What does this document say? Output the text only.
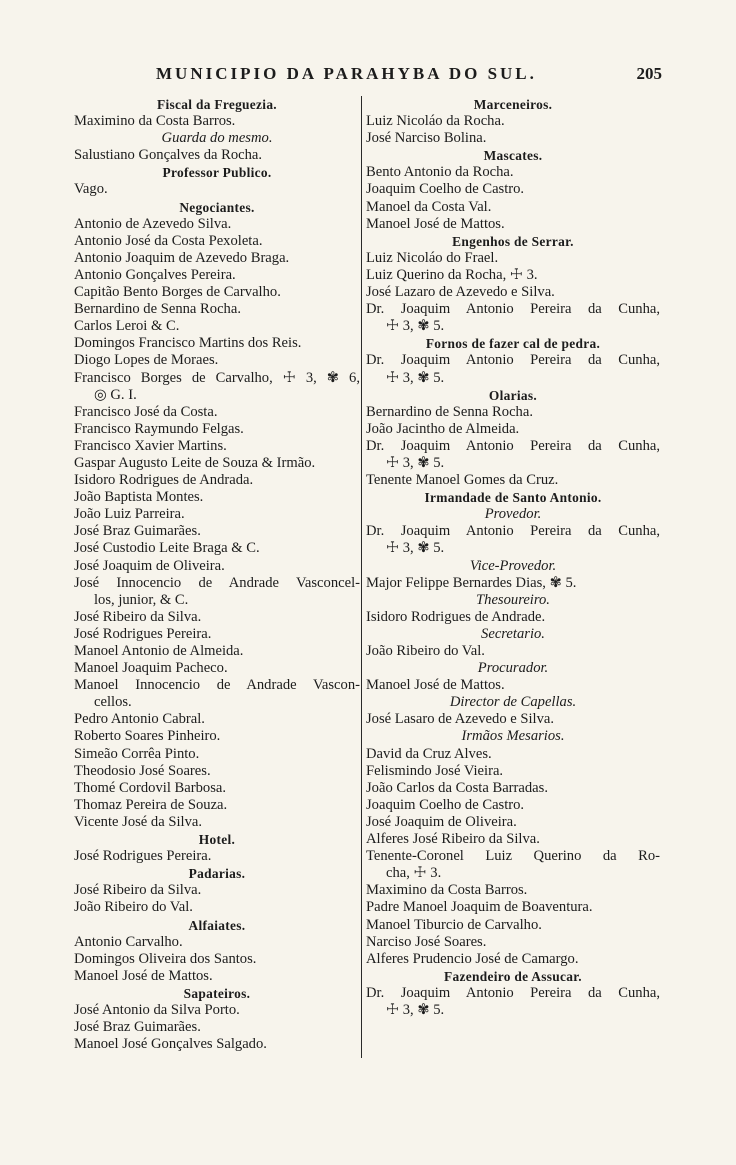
MUNICIPIO DA PARAHYBA DO SUL.	205
Fiscal da Freguezia.
Maximino da Costa Barros.
Guarda do mesmo.
Salustiano Gonçalves da Rocha.
Professor Publico.
Vago.
Negociantes.
Antonio de Azevedo Silva.
Antonio José da Costa Pexoleta.
Antonio Joaquim de Azevedo Braga.
Antonio Gonçalves Pereira.
Capitão Bento Borges de Carvalho.
Bernardino de Senna Rocha.
Carlos Leroi & C.
Domingos Francisco Martins dos Reis.
Diogo Lopes de Moraes.
Francisco Borges de Carvalho, ☩ 3, ✾ 6,
◎ G. I.
Francisco José da Costa.
Francisco Raymundo Felgas.
Francisco Xavier Martins.
Gaspar Augusto Leite de Souza & Irmão.
Isidoro Rodrigues de Andrada.
João Baptista Montes.
João Luiz Parreira.
José Braz Guimarães.
José Custodio Leite Braga & C.
José Joaquim de Oliveira.
José Innocencio de Andrade Vasconcel-
los, junior, & C.
José Ribeiro da Silva.
José Rodrigues Pereira.
Manoel Antonio de Almeida.
Manoel Joaquim Pacheco.
Manoel Innocencio de Andrade Vascon-
cellos.
Pedro Antonio Cabral.
Roberto Soares Pinheiro.
Simeão Corrêa Pinto.
Theodosio José Soares.
Thomé Cordovil Barbosa.
Thomaz Pereira de Souza.
Vicente José da Silva.
Hotel.
José Rodrigues Pereira.
Padarias.
José Ribeiro da Silva.
João Ribeiro do Val.
Alfaiates.
Antonio Carvalho.
Domingos Oliveira dos Santos.
Manoel José de Mattos.
Sapateiros.
José Antonio da Silva Porto.
José Braz Guimarães.
Manoel José Gonçalves Salgado.
Marceneiros.
Luiz Nicoláo da Rocha.
José Narciso Bolina.
Mascates.
Bento Antonio da Rocha.
Joaquim Coelho de Castro.
Manoel da Costa Val.
Manoel José de Mattos.
Engenhos de Serrar.
Luiz Nicoláo do Frael.
Luiz Querino da Rocha, ☩ 3.
José Lazaro de Azevedo e Silva.
Dr. Joaquim Antonio Pereira da Cunha,
☩ 3, ✾ 5.
Fornos de fazer cal de pedra.
Dr. Joaquim Antonio Pereira da Cunha,
☩ 3, ✾ 5.
Olarias.
Bernardino de Senna Rocha.
João Jacintho de Almeida.
Dr. Joaquim Antonio Pereira da Cunha,
☩ 3, ✾ 5.
Tenente Manoel Gomes da Cruz.
Irmandade de Santo Antonio.
Provedor.
Dr. Joaquim Antonio Pereira da Cunha,
☩ 3, ✾ 5.
Vice-Provedor.
Major Felippe Bernardes Dias, ✾ 5.
Thesoureiro.
Isidoro Rodrigues de Andrade.
Secretario.
João Ribeiro do Val.
Procurador.
Manoel José de Mattos.
Director de Capellas.
José Lasaro de Azevedo e Silva.
Irmãos Mesarios.
David da Cruz Alves.
Felismindo José Vieira.
João Carlos da Costa Barradas.
Joaquim Coelho de Castro.
José Joaquim de Oliveira.
Alferes José Ribeiro da Silva.
Tenente-Coronel Luiz Querino da Ro-
cha, ☩ 3.
Maximino da Costa Barros.
Padre Manoel Joaquim de Boaventura.
Manoel Tiburcio de Carvalho.
Narciso José Soares.
Alferes Prudencio José de Camargo.
Fazendeiro de Assucar.
Dr. Joaquim Antonio Pereira da Cunha,
☩ 3, ✾ 5.
